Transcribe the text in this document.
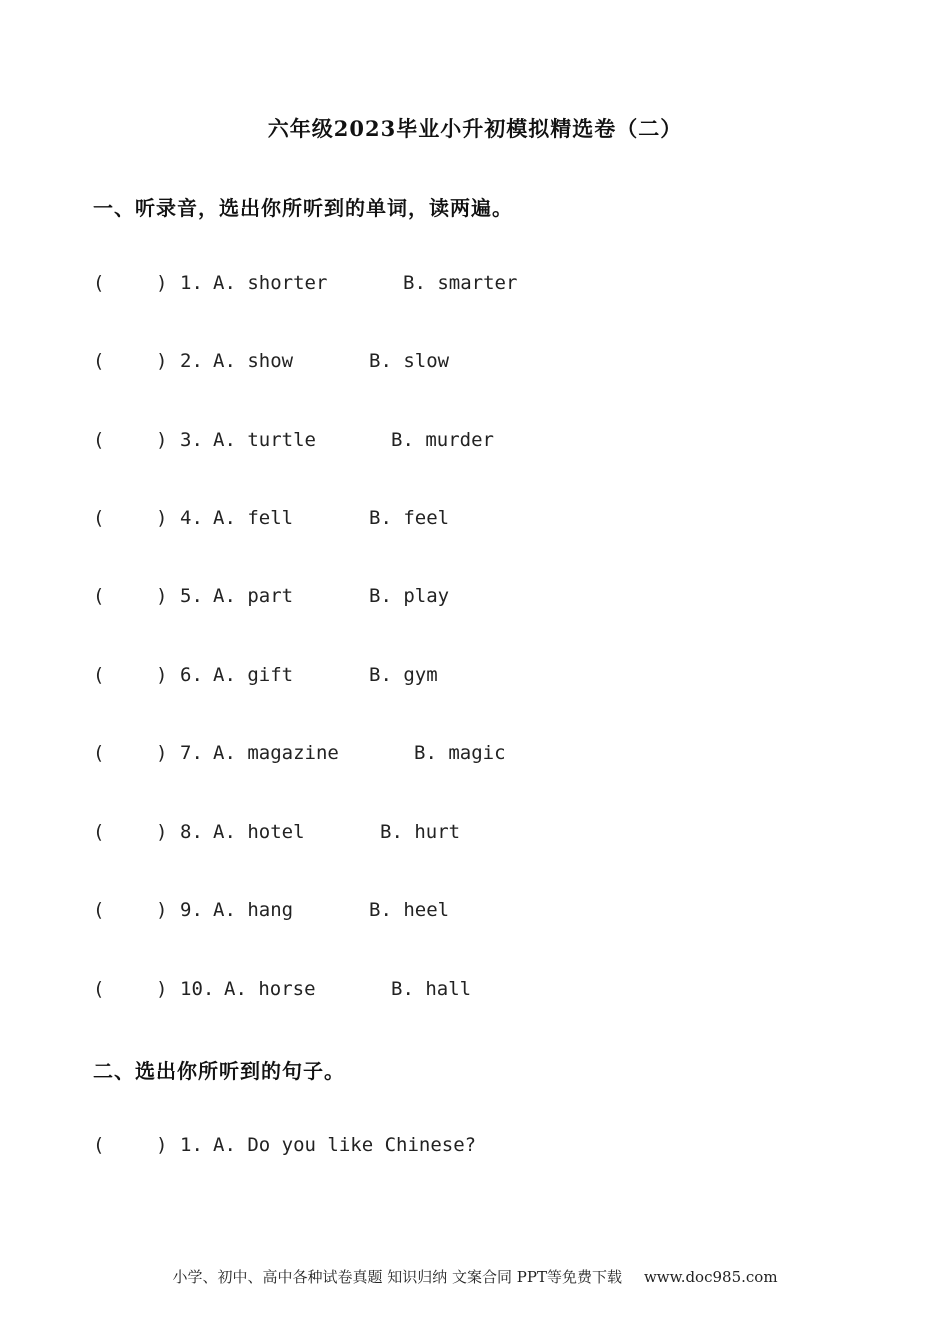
六年级2023毕业小升初模拟精选卷（二）
一、听录音，选出你所听到的单词，读两遍。

(

	)

1.

A. shorter

	B. smarter

(

	)

2.

A. show

	B. slow

(

	)

3.

A. turtle

	B. murder

(

	)

4.

A. fell

	B. feel

(

	)

5.

A. part

	B. play

(

	)

6.

A. gift

	B. gym

(

	)

7.

A. magazine

	B. magic

(

	)

8.

A. hotel

	B. hurt

(

	)

9.

A. hang

	B. heel

(

	)

10.

A. horse

	B. hall

二、选出你所听到的句子。

(

	)

1.

A. Do you like Chinese?

小学、初中、高中各种试卷真题 知识归纳 文案合同 PPT等免费下载 www.doc985.com
